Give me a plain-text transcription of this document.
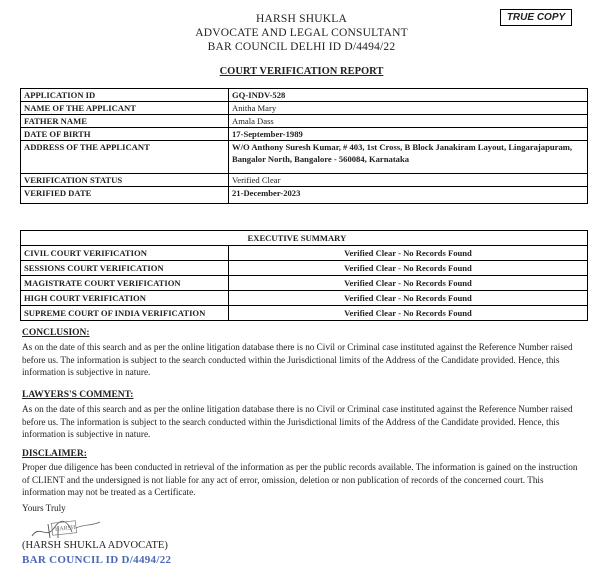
HARSH SHUKLA
ADVOCATE AND LEGAL CONSULTANT
BAR COUNCIL DELHI ID D/4494/22
TRUE COPY
COURT VERIFICATION REPORT
APPLICATION ID	GQ-INDV-528
NAME OF THE APPLICANT	Anitha Mary
FATHER NAME	Amala Dass
DATE OF BIRTH	17-September-1989
ADDRESS OF THE APPLICANT	W/O Anthony Suresh Kumar, # 403, 1st Cross, B Block Janakiram Layout, Lingarajapuram, Bangalor North, Bangalore - 560084, Karnataka
VERIFICATION STATUS	Verified Clear
VERIFIED DATE	21-December-2023
	EXECUTIVE SUMMARY
CIVIL COURT VERIFICATION	Verified Clear - No Records Found
SESSIONS COURT VERIFICATION	Verified Clear - No Records Found
MAGISTRATE COURT VERIFICATION	Verified Clear - No Records Found
HIGH COURT VERIFICATION	Verified Clear - No Records Found
SUPREME COURT OF INDIA VERIFICATION	Verified Clear - No Records Found
CONCLUSION:
As on the date of this search and as per the online litigation database there is no Civil or Criminal case instituted against the Reference Number raised before us. The information is subject to the search conducted within the Jurisdictional limits of the Address of the Candidate provided. Hence, this information is subjective in nature.
LAWYERS'S COMMENT:
As on the date of this search and as per the online litigation database there is no Civil or Criminal case instituted against the Reference Number raised before us. The information is subject to the search conducted within the Jurisdictional limits of the Address of the Candidate provided. Hence, this information is subjective in nature.
DISCLAIMER:
Proper due diligence has been conducted in retrieval of the information as per the public records available. The information is gained on the instruction of CLIENT and the undersigned is not liable for any act of error, omission, deletion or non publication of records of the concerned court. This information may not be treated as a Certificate.
Yours Truly
HARSH
(HARSH SHUKLA ADVOCATE)
BAR COUNCIL ID D/4494/22
